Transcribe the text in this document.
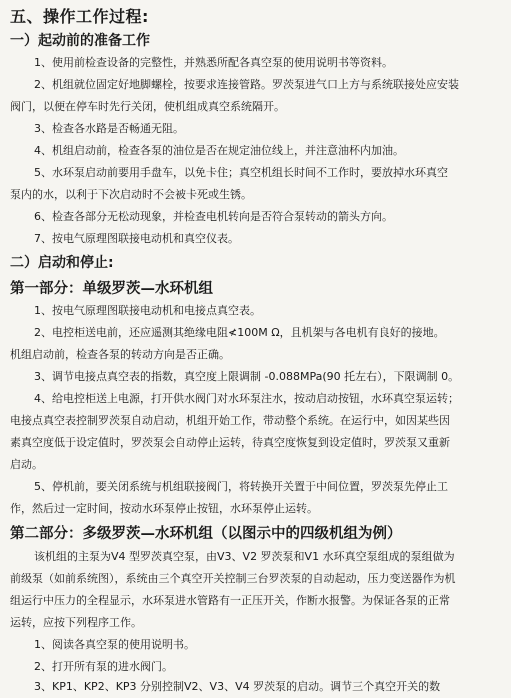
五、操作工作过程:
一）起动前的准备工作
1、使用前检查设备的完整性，并熟悉所配各真空泵的使用说明书等资料。
2、机组就位固定好地脚螺栓，按要求连接管路。罗茨泵进气口上方与系统联接处应安装
阀门，以便在停车时先行关闭，使机组成真空系统隔开。
3、检查各水路是否畅通无阻。
4、机组启动前，检查各泵的油位是否在规定油位线上，并注意油杯内加油。
5、水环泵启动前要用手盘车，以免卡住；真空机组长时间不工作时，要放掉水环真空
泵内的水，以利于下次启动时不会被卡死或生锈。
6、检查各部分无松动现象，并检查电机转向是否符合泵转动的箭头方向。
7、按电气原理图联接电动机和真空仪表。
二）启动和停止:
第一部分：单级罗茨—水环机组
1、按电气原理图联接电动机和电接点真空表。
2、电控柜送电前，还应遥测其绝缘电阻≮100M Ω，且机架与各电机有良好的接地。
机组启动前，检查各泵的转动方向是否正确。
3、调节电接点真空表的指数，真空度上限调制 -0.088MPa(90 托左右），下限调制 0。
4、给电控柜送上电源，打开供水阀门对水环泵注水，按动启动按钮，水环真空泵运转；
电接点真空表控制罗茨泵自动启动，机组开始工作，带动整个系统。在运行中，如因某些因
素真空度低于设定值时，罗茨泵会自动停止运转，待真空度恢复到设定值时，罗茨泵又重新
启动。
5、停机前，要关闭系统与机组联接阀门，将转换开关置于中间位置，罗茨泵先停止工
作，然后过一定时间，按动水环泵停止按钮，水环泵停止运转。
第二部分：多级罗茨—水环机组（以图示中的四级机组为例）
该机组的主泵为V4 型罗茨真空泵，由V3、V2 罗茨泵和V1 水环真空泵组成的泵组做为
前级泵（如前系统图），系统由三个真空开关控制三台罗茨泵的自动起动，压力变送器作为机
组运行中压力的全程显示，水环泵进水管路有一正压开关，作断水报警。为保证各泵的正常
运转，应按下列程序工作。
1、阅读各真空泵的使用说明书。
2、打开所有泵的进水阀门。
3、KP1、KP2、KP3 分别控制V2、V3、V4 罗茨泵的启动。调节三个真空开关的数
